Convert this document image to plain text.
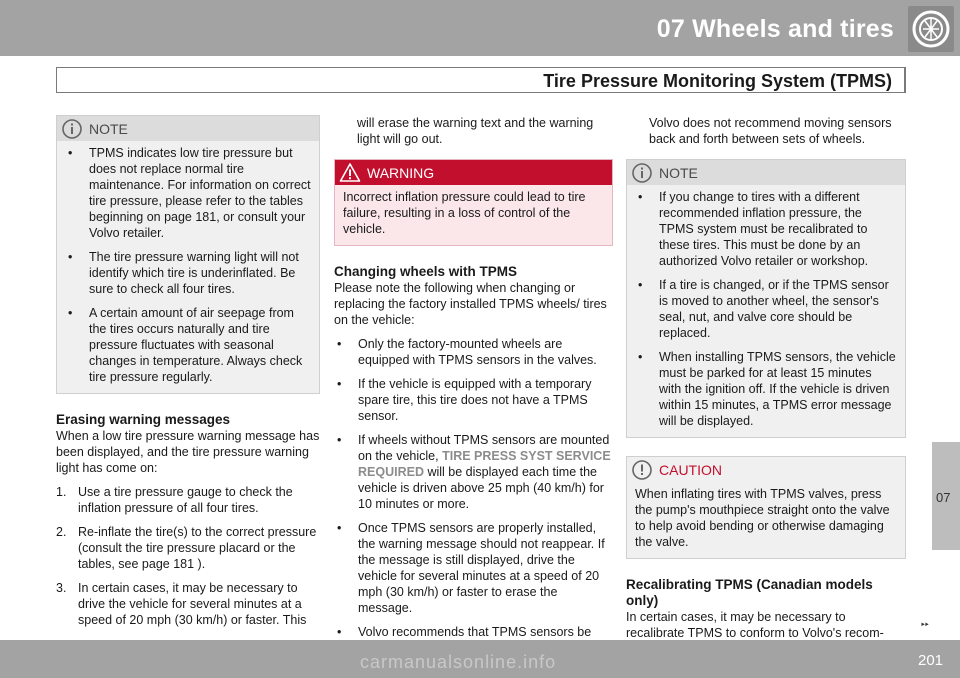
07 Wheels and tires
Tire Pressure Monitoring System (TPMS)
07
NOTE
• TPMS indicates low tire pressure but does not replace normal tire maintenance. For information on correct tire pressure, please refer to the tables beginning on page 181, or consult your Volvo retailer.
• The tire pressure warning light will not identify which tire is underinflated. Be sure to check all four tires.
• A certain amount of air seepage from the tires occurs naturally and tire pressure fluctuates with seasonal changes in temperature. Always check tire pressure regularly.
Erasing warning messages

When a low tire pressure warning message has been displayed, and the tire pressure warning light has come on:

1. Use a tire pressure gauge to check the inflation pressure of all four tires.
2. Re-inflate the tire(s) to the correct pressure (consult the tire pressure placard or the tables, see page 181 ).
3. In certain cases, it may be necessary to drive the vehicle for several minutes at a speed of 20 mph (30 km/h) or faster. This

will erase the warning text and the warning light will go out.

WARNING

Incorrect inflation pressure could lead to tire failure, resulting in a loss of control of the vehicle.

Changing wheels with TPMS

Please note the following when changing or replacing the factory installed TPMS wheels/ tires on the vehicle:

• Only the factory-mounted wheels are equipped with TPMS sensors in the valves.
• If the vehicle is equipped with a temporary spare tire, this tire does not have a TPMS sensor.
• If wheels without TPMS sensors are mounted on the vehicle, TIRE PRESS SYST SERVICE REQUIRED will be displayed each time the vehicle is driven above 25 mph (40 km/h) for 10 minutes or more.
• Once TPMS sensors are properly installed, the warning message should not reappear. If the message is still displayed, drive the vehicle for several minutes at a speed of 20 mph (30 km/h) or faster to erase the message.
• Volvo recommends that TPMS sensors be

Volvo does not recommend moving sensors back and forth between sets of wheels.

NOTE
• If you change to tires with a different recommended inflation pressure, the TPMS system must be recalibrated to these tires. This must be done by an authorized Volvo retailer or workshop.
• If a tire is changed, or if the TPMS sensor is moved to another wheel, the sensor's seal, nut, and valve core should be replaced.
• When installing TPMS sensors, the vehicle must be parked for at least 15 minutes with the ignition off. If the vehicle is driven within 15 minutes, a TPMS error message will be displayed.
CAUTION

When inflating tires with TPMS valves, press the pump's mouthpiece straight onto the valve to help avoid bending or otherwise damaging the valve.

Recalibrating TPMS (Canadian models only)

In certain cases, it may be necessary to recalibrate TPMS to conform to Volvo's recom-

‣‣
carmanualsonline.info	201
